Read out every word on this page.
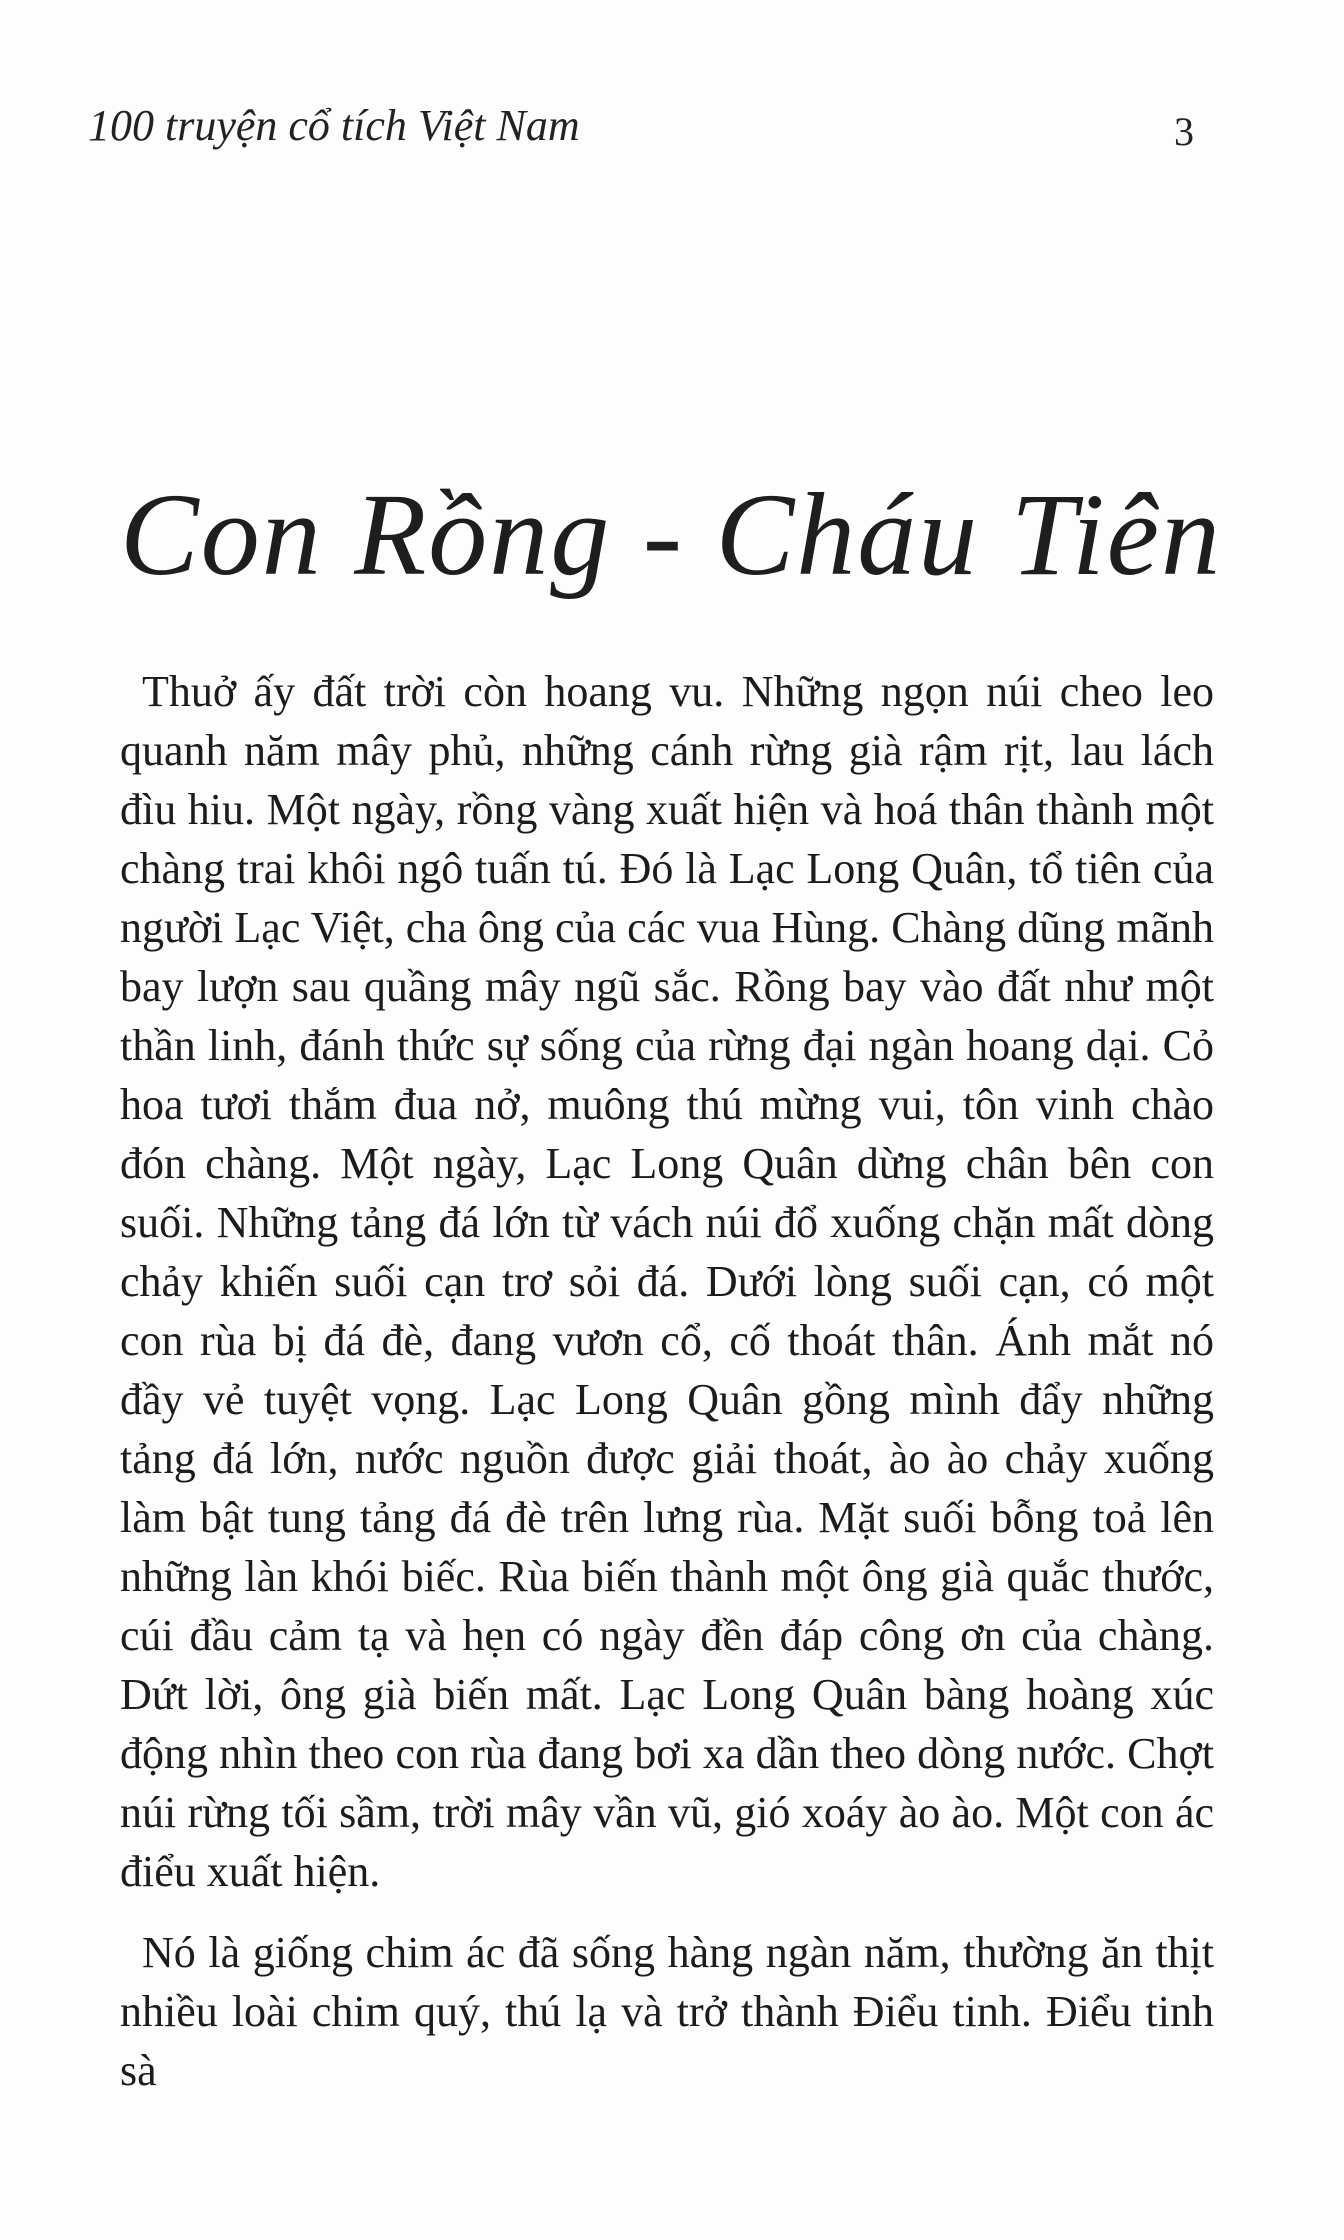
100 truyện cổ tích Việt Nam	3
Con Rồng - Cháu Tiên

Thuở ấy đất trời còn hoang vu. Những ngọn núi cheo leo quanh năm mây phủ, những cánh rừng già rậm rịt, lau lách đìu hiu. Một ngày, rồng vàng xuất hiện và hoá thân thành một chàng trai khôi ngô tuấn tú. Đó là Lạc Long Quân, tổ tiên của người Lạc Việt, cha ông của các vua Hùng. Chàng dũng mãnh bay lượn sau quầng mây ngũ sắc. Rồng bay vào đất như một thần linh, đánh thức sự sống của rừng đại ngàn hoang dại. Cỏ hoa tươi thắm đua nở, muông thú mừng vui, tôn vinh chào đón chàng. Một ngày, Lạc Long Quân dừng chân bên con suối. Những tảng đá lớn từ vách núi đổ xuống chặn mất dòng chảy khiến suối cạn trơ sỏi đá. Dưới lòng suối cạn, có một con rùa bị đá đè, đang vươn cổ, cố thoát thân. Ánh mắt nó đầy vẻ tuyệt vọng. Lạc Long Quân gồng mình đẩy những tảng đá lớn, nước nguồn được giải thoát, ào ào chảy xuống làm bật tung tảng đá đè trên lưng rùa. Mặt suối bỗng toả lên những làn khói biếc. Rùa biến thành một ông già quắc thước, cúi đầu cảm tạ và hẹn có ngày đền đáp công ơn của chàng. Dứt lời, ông già biến mất. Lạc Long Quân bàng hoàng xúc động nhìn theo con rùa đang bơi xa dần theo dòng nước. Chợt núi rừng tối sầm, trời mây vần vũ, gió xoáy ào ào. Một con ác điểu xuất hiện.

Nó là giống chim ác đã sống hàng ngàn năm, thường ăn thịt nhiều loài chim quý, thú lạ và trở thành Điểu tinh. Điểu tinh sà
